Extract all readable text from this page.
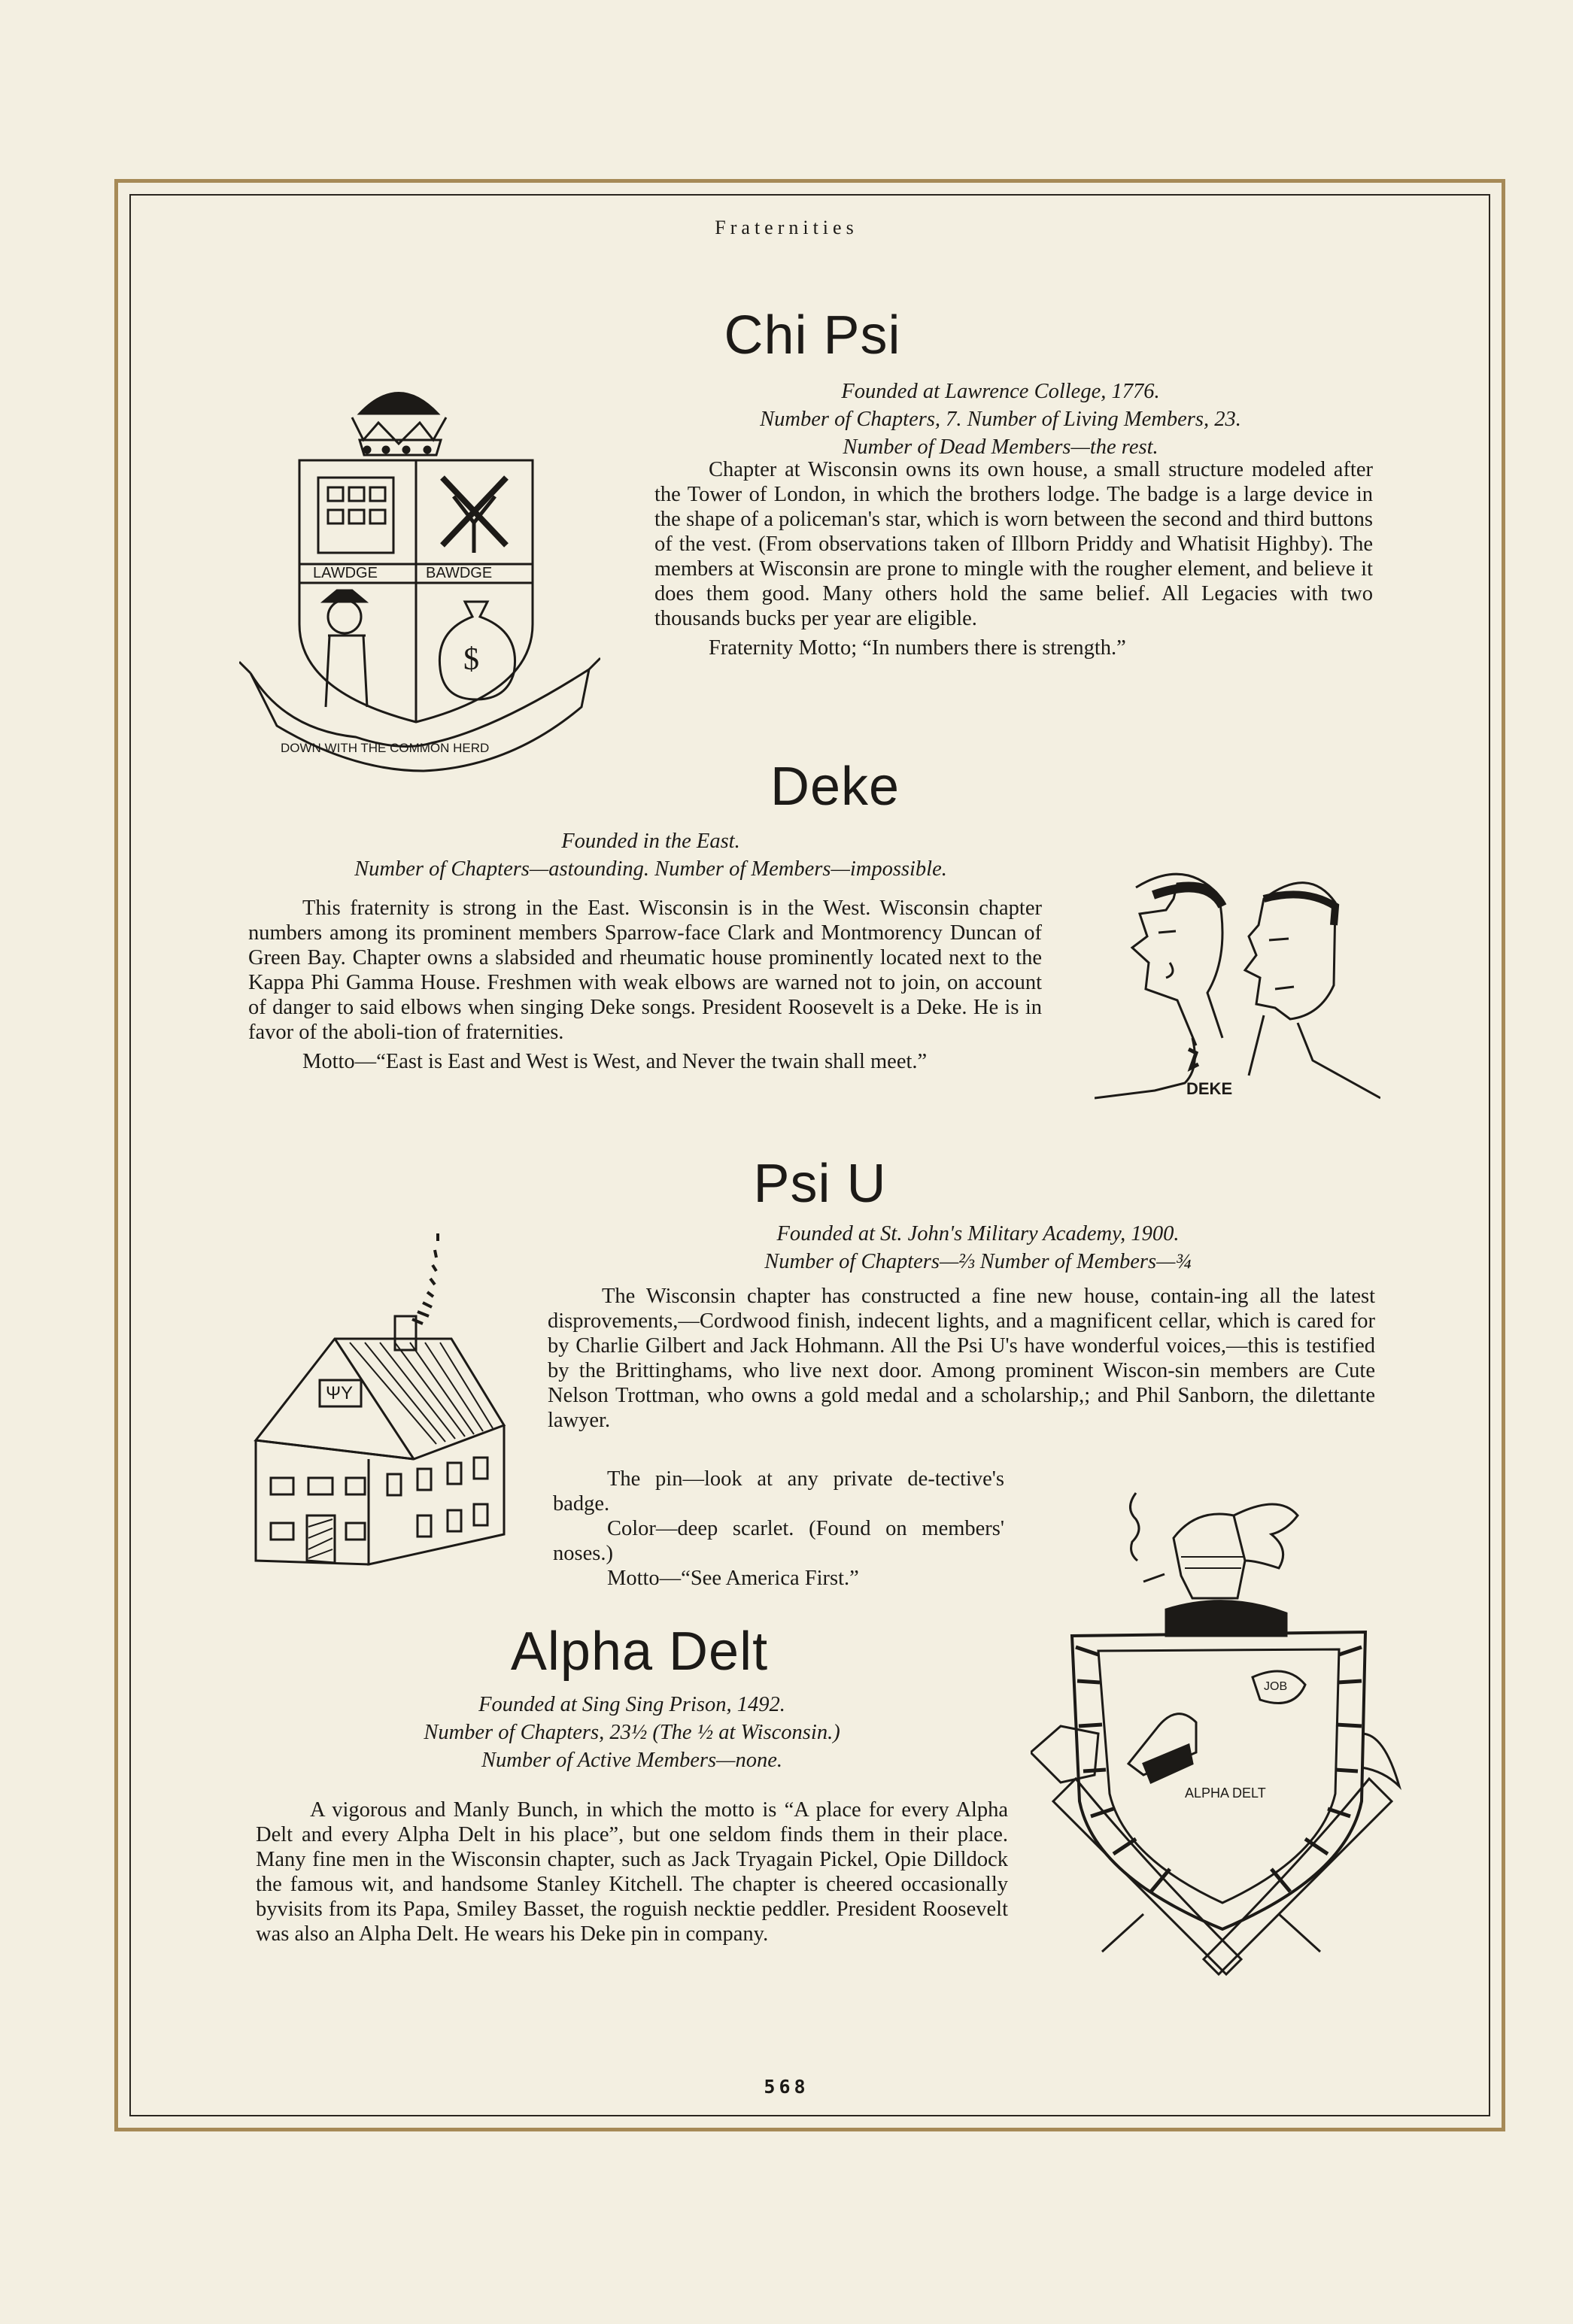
Fraternities
Chi Psi
Founded at Lawrence College, 1776.
Number of Chapters, 7. Number of Living Members, 23.
Number of Dead Members—the rest.

Chapter at Wisconsin owns its own house, a small structure modeled after the Tower of London, in which the brothers lodge. The badge is a large device in the shape of a policeman's star, which is worn between the second and third buttons of the vest. (From observations taken of Illborn Priddy and Whatisit Highby). The members at Wisconsin are prone to mingle with the rougher element, and believe it does them good. Many others hold the same belief. All Legacies with two thousands bucks per year are eligible.

Fraternity Motto; “In numbers there is strength.”

$
LAWDGE	BAWDGE
DOWN WITH THE COMMON HERD
Deke
Founded in the East.
Number of Chapters—astounding. Number of Members—impossible.

This fraternity is strong in the East. Wisconsin is in the West. Wisconsin chapter numbers among its prominent members Sparrow-face Clark and Montmorency Duncan of Green Bay. Chapter owns a slabsided and rheumatic house prominently located next to the Kappa Phi Gamma House. Freshmen with weak elbows are warned not to join, on account of danger to said elbows when singing Deke songs. President Roosevelt is a Deke. He is in favor of the aboli-tion of fraternities.

Motto—“East is East and West is West, and Never the twain shall meet.”

DEKE
Psi U
Founded at St. John's Military Academy, 1900.
Number of Chapters—⅔ Number of Members—¾

The Wisconsin chapter has constructed a fine new house, contain-ing all the latest disprovements,—Cordwood finish, indecent lights, and a magnificent cellar, which is cared for by Charlie Gilbert and Jack Hohmann. All the Psi U's have wonderful voices,—this is testified by the Brittinghams, who live next door. Among prominent Wiscon-sin members are Cute Nelson Trottman, who owns a gold medal and a scholarship,; and Phil Sanborn, the dilettante lawyer.

The pin—look at any private de-tective's badge.

Color—deep scarlet. (Found on members' noses.)

Motto—“See America First.”

ΨΥ
Alpha Delt
Founded at Sing Sing Prison, 1492.
Number of Chapters, 23½ (The ½ at Wisconsin.)
Number of Active Members—none.

A vigorous and Manly Bunch, in which the motto is “A place for every Alpha Delt and every Alpha Delt in his place”, but one seldom finds them in their place. Many fine men in the Wisconsin chapter, such as Jack Tryagain Pickel, Opie Dilldock the famous wit, and handsome Stanley Kitchell. The chapter is cheered occasionally byvisits from its Papa, Smiley Basset, the roguish necktie peddler. President Roosevelt was also an Alpha Delt. He wears his Deke pin in company.

ALPHA DELT
JOB
568
